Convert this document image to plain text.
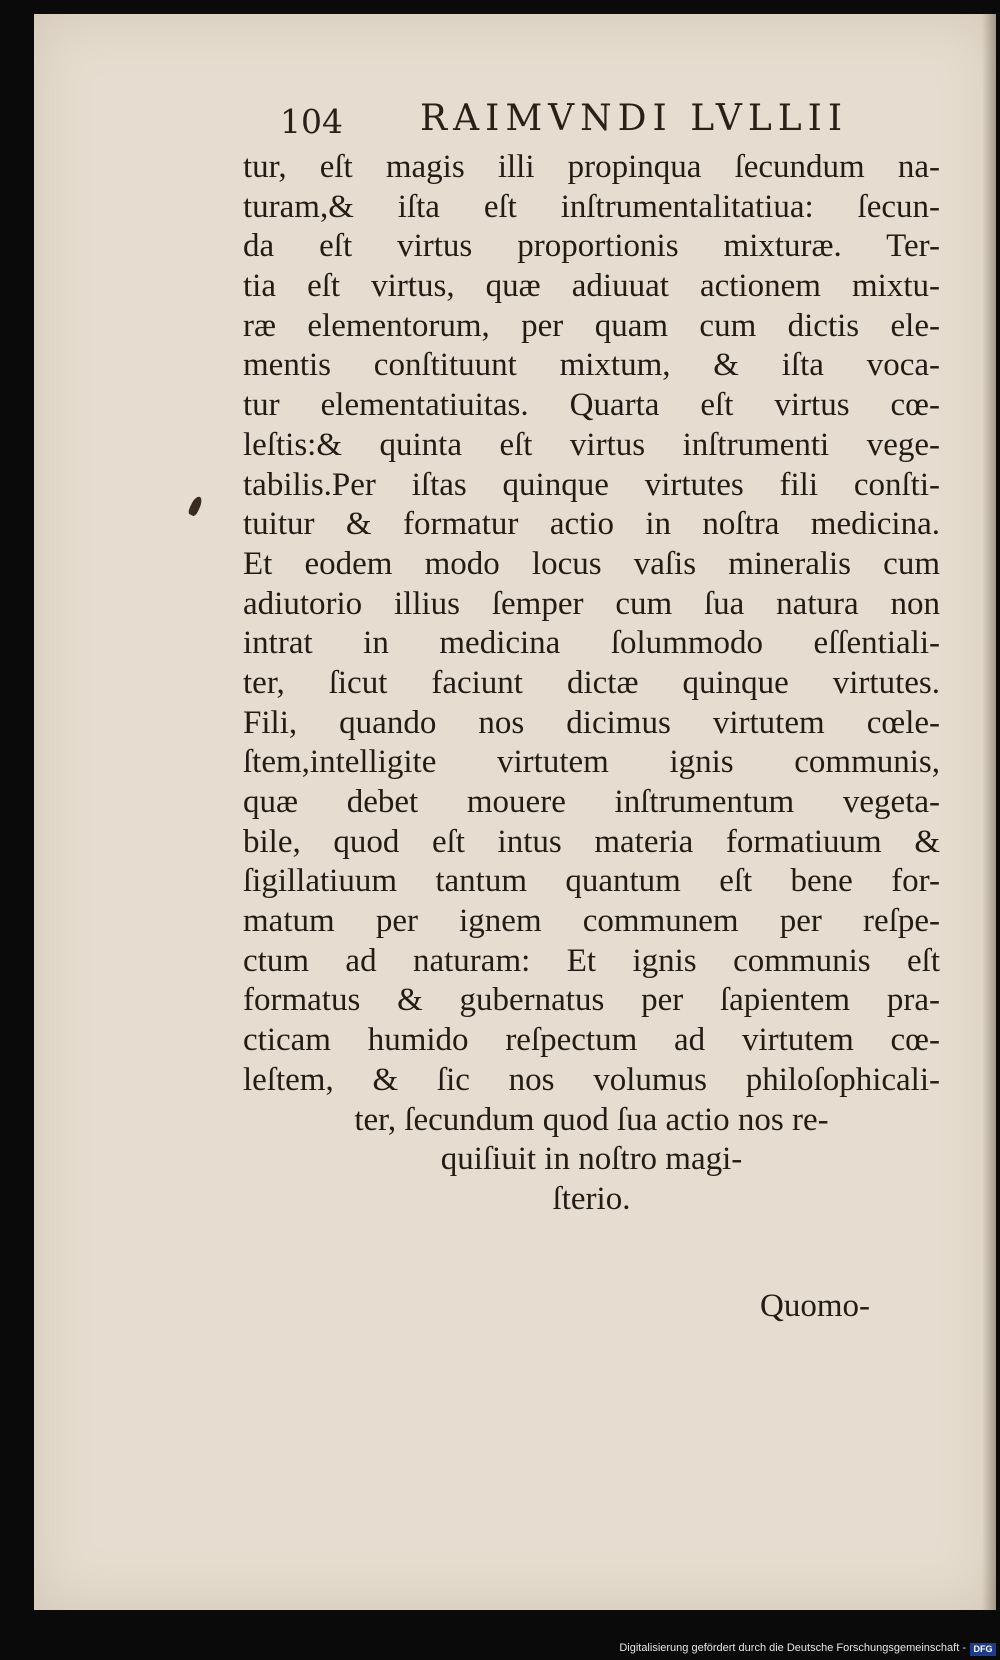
104 RAIMVNDI LVLLII
tur, eſt magis illi propinqua ſecundum na-
turam,& iſta eſt inſtrumentalitatiua: ſecun-
da eſt virtus proportionis mixturæ. Ter-
tia eſt virtus, quæ adiuuat actionem mixtu-
ræ elementorum, per quam cum dictis ele-
mentis conſtituunt mixtum, & iſta voca-
tur elementatiuitas. Quarta eſt virtus cœ-
leſtis:& quinta eſt virtus inſtrumenti vege-
tabilis.Per iſtas quinque virtutes fili conſti-
tuitur & formatur actio in noſtra medicina.
Et eodem modo locus vaſis mineralis cum
adiutorio illius ſemper cum ſua natura non
intrat in medicina ſolummodo eſſentiali-
ter, ſicut faciunt dictæ quinque virtutes.
Fili, quando nos dicimus virtutem cœle-
ſtem,intelligite virtutem ignis communis,
quæ debet mouere inſtrumentum vegeta-
bile, quod eſt intus materia formatiuum &
ſigillatiuum tantum quantum eſt bene for-
matum per ignem communem per reſpe-
ctum ad naturam: Et ignis communis eſt
formatus & gubernatus per ſapientem pra-
cticam humido reſpectum ad virtutem cœ-
leſtem, & ſic nos volumus philoſophicali-
ter, ſecundum quod ſua actio nos re-
quiſiuit in noſtro magi-
ſterio.
Quomo-
Digitalisierung gefördert durch die Deutsche Forschungsgemeinschaft - DFG
